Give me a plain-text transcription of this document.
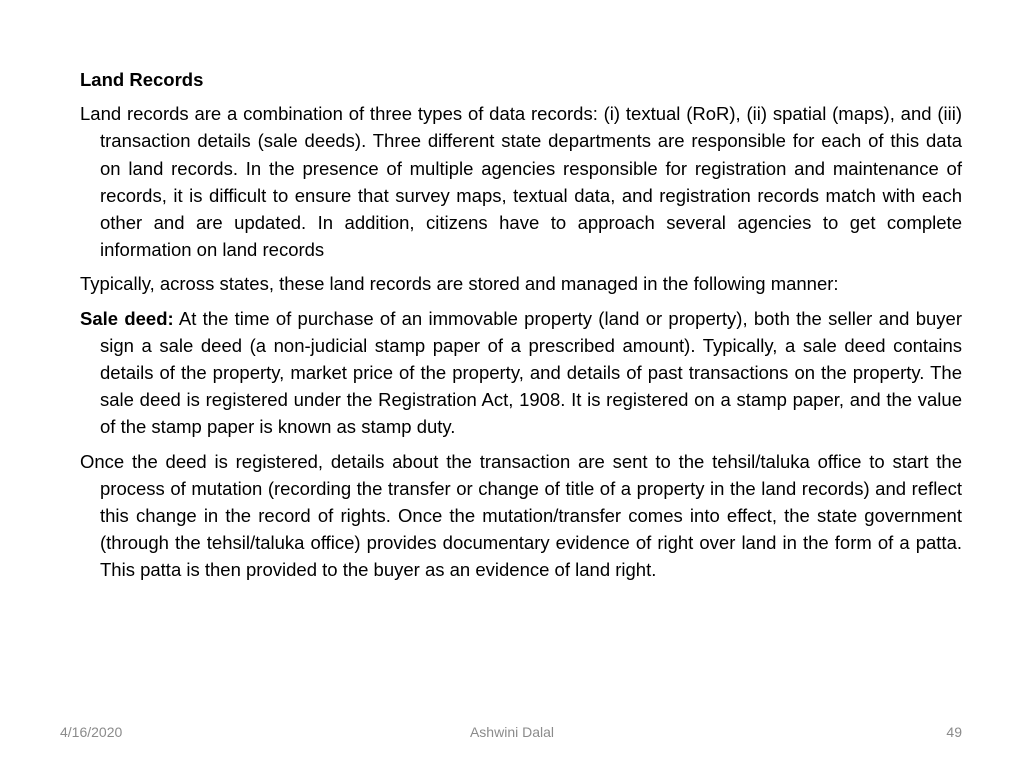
Land Records

Land records are a combination of three types of data records: (i) textual (RoR), (ii) spatial (maps), and (iii) transaction details (sale deeds). Three different state departments are responsible for each of this data on land records. In the presence of multiple agencies responsible for registration and maintenance of records, it is difficult to ensure that survey maps, textual data, and registration records match with each other and are updated. In addition, citizens have to approach several agencies to get complete information on land records

Typically, across states, these land records are stored and managed in the following manner:

Sale deed: At the time of purchase of an immovable property (land or property), both the seller and buyer sign a sale deed (a non-judicial stamp paper of a prescribed amount). Typically, a sale deed contains details of the property, market price of the property, and details of past transactions on the property. The sale deed is registered under the Registration Act, 1908. It is registered on a stamp paper, and the value of the stamp paper is known as stamp duty.

Once the deed is registered, details about the transaction are sent to the tehsil/taluka office to start the process of mutation (recording the transfer or change of title of a property in the land records) and reflect this change in the record of rights. Once the mutation/transfer comes into effect, the state government (through the tehsil/taluka office) provides documentary evidence of right over land in the form of a patta. This patta is then provided to the buyer as an evidence of land right.

Ashwini Dalal
4/16/2020	49
